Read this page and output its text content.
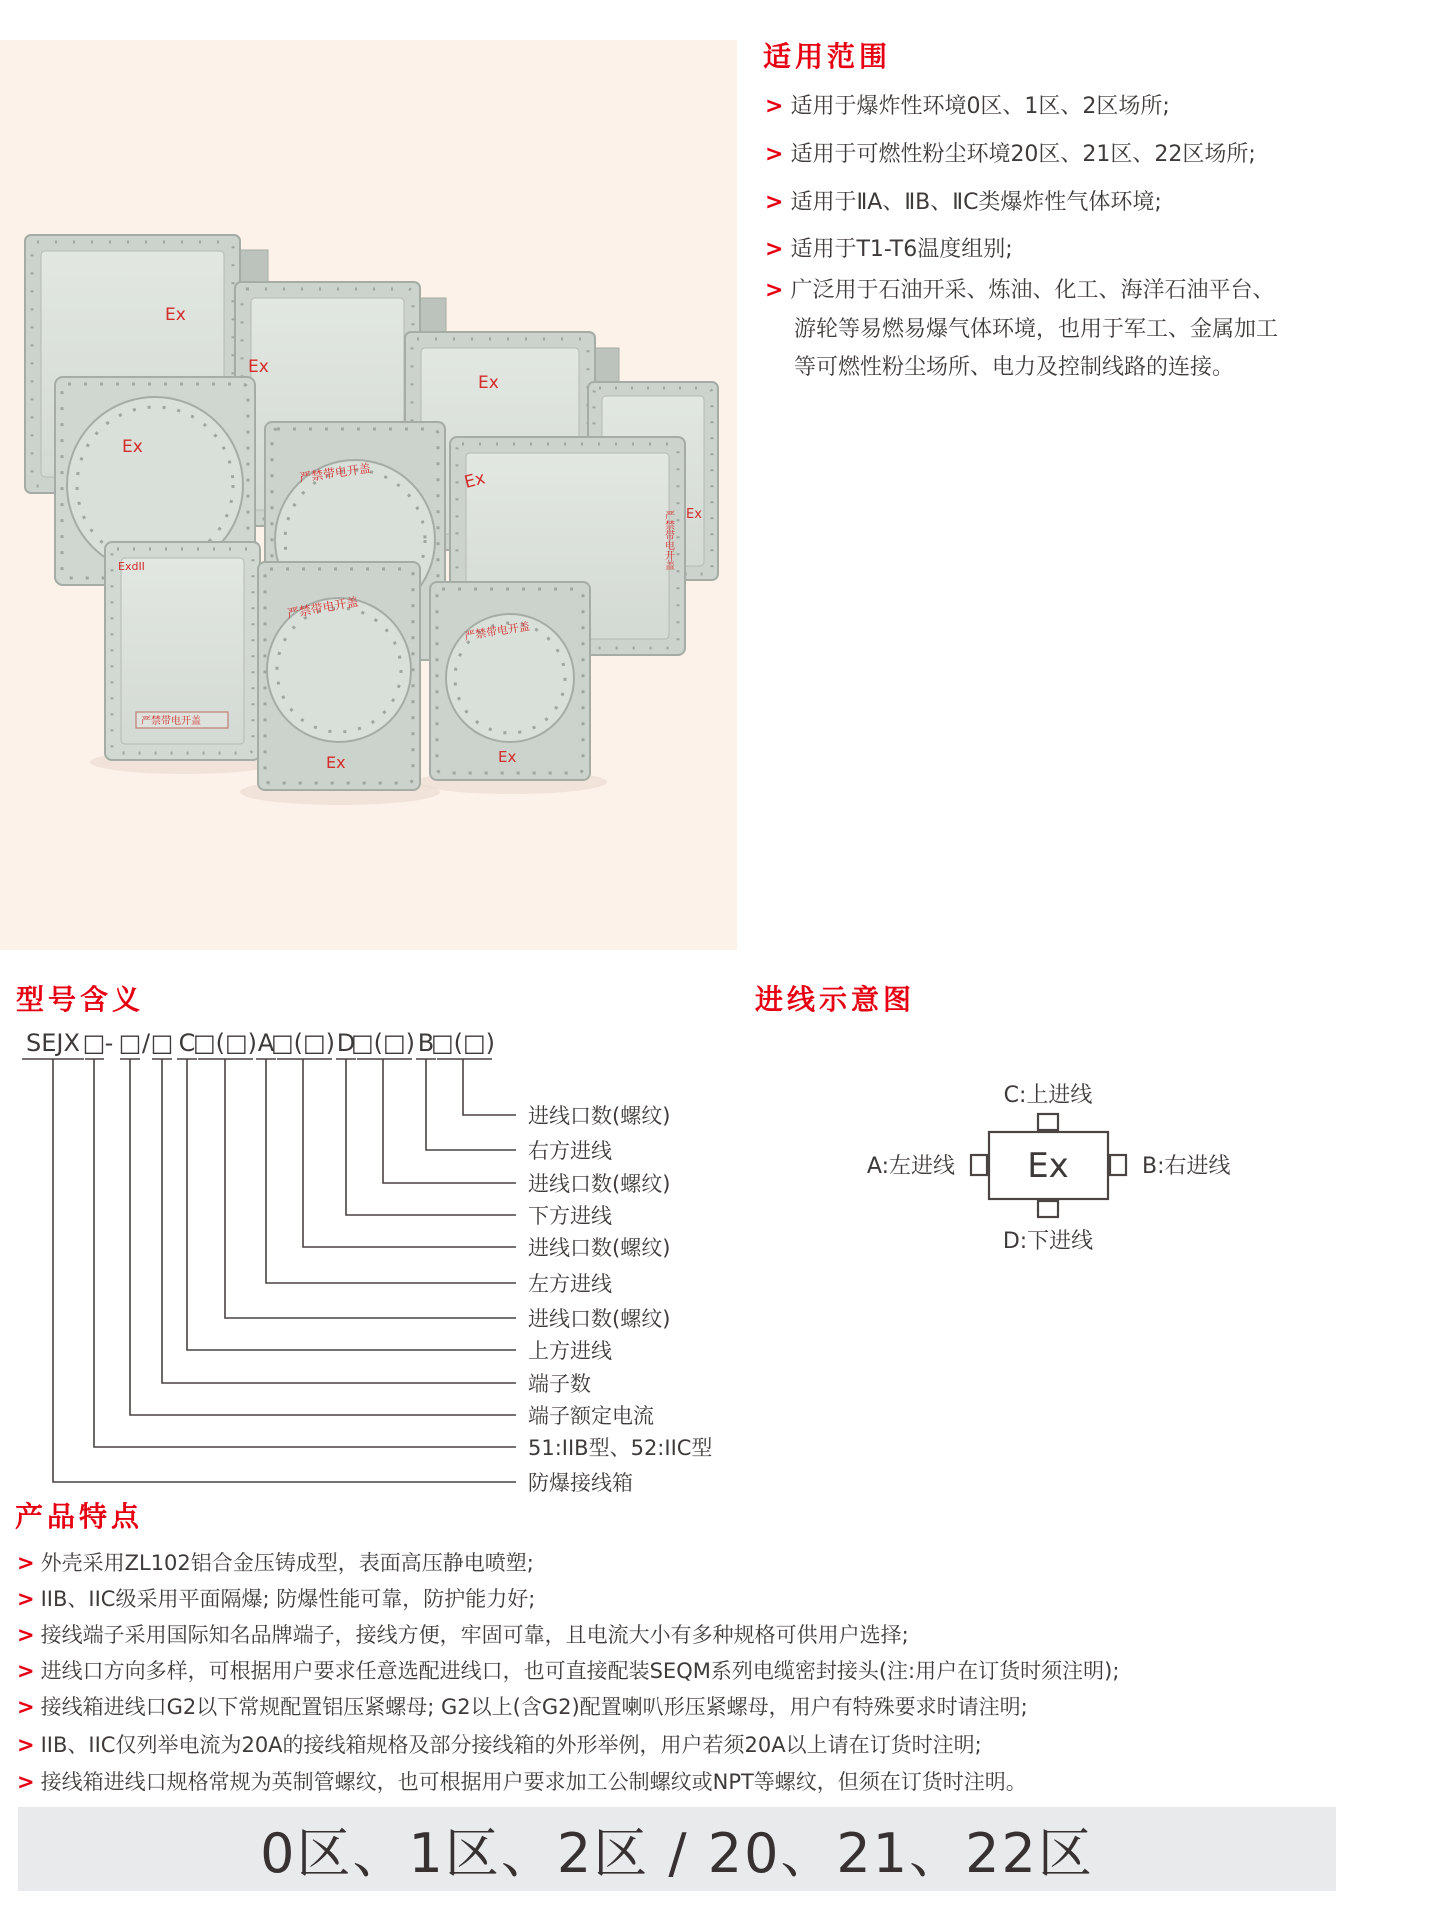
Ex
Ex
Ex
Ex
Ex
严禁带电开盖	Ex
严禁带电开盖
ExdII
严禁带电开盖
严禁带电开盖
Ex
严禁带电开盖
Ex
适用范围
> 适用于爆炸性环境0区、1区、2区场所;
> 适用于可燃性粉尘环境20区、21区、22区场所;
> 适用于ⅡA、ⅡB、ⅡC类爆炸性气体环境;
> 适用于T1-T6温度组别;
> 广泛用于石油开采、炼油、化工、海洋石油平台、
游轮等易燃易爆气体环境，也用于军工、金属加工
等可燃性粉尘场所、电力及控制线路的连接。
型号含义
SEJX □ - □ / □ C
□(□) A
□(□) D
□(□) B
□(□)
进线口数(螺纹)
右方进线
进线口数(螺纹)
下方进线
进线口数(螺纹)
左方进线
进线口数(螺纹)
上方进线
端子数
端子额定电流
51:IIB型、52:IIC型
防爆接线箱
进线示意图
Ex
C:上进线
A:左进线	B:右进线
D:下进线
产品特点
> 外壳采用ZL102铝合金压铸成型，表面高压静电喷塑;
> IIB、IIC级采用平面隔爆; 防爆性能可靠，防护能力好;
> 接线端子采用国际知名品牌端子，接线方便，牢固可靠，且电流大小有多种规格可供用户选择;
> 进线口方向多样，可根据用户要求任意选配进线口，也可直接配装SEQM系列电缆密封接头(注:用户在订货时须注明);
> 接线箱进线口G2以下常规配置铝压紧螺母; G2以上(含G2)配置喇叭形压紧螺母，用户有特殊要求时请注明;
> IIB、IIC仅列举电流为20A的接线箱规格及部分接线箱的外形举例，用户若须20A以上请在订货时注明;
> 接线箱进线口规格常规为英制管螺纹，也可根据用户要求加工公制螺纹或NPT等螺纹，但须在订货时注明。
0区、1区、2区 / 20、21、22区
